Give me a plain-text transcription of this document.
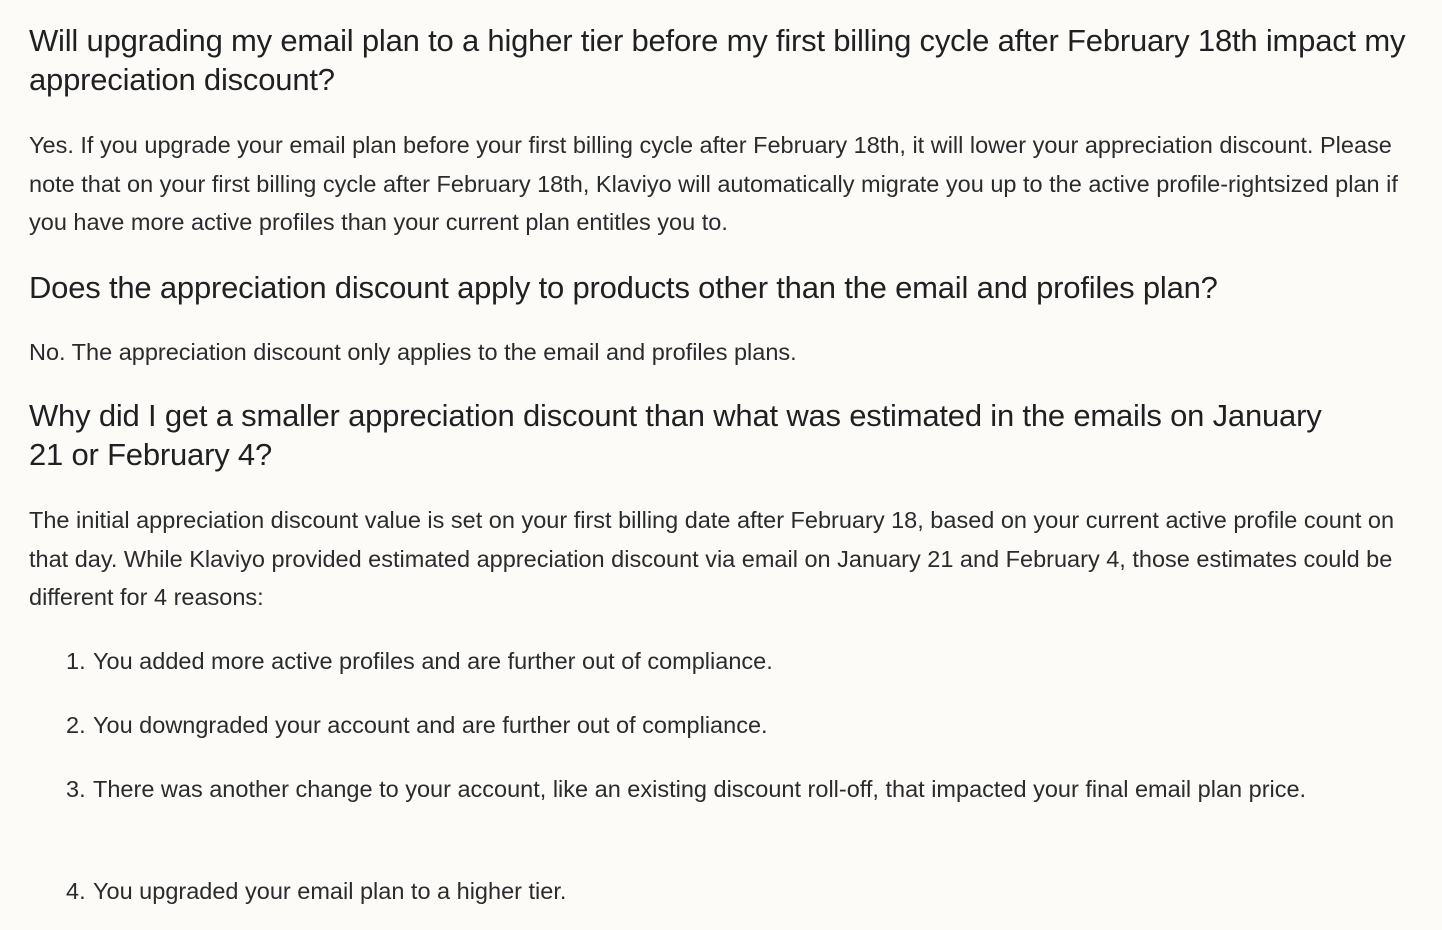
Will upgrading my email plan to a higher tier before my first billing cycle after February 18th impact my appreciation discount?

Yes. If you upgrade your email plan before your first billing cycle after February 18th, it will lower your appreciation discount. Please note that on your first billing cycle after February 18th, Klaviyo will automatically migrate you up to the active profile-rightsized plan if you have more active profiles than your current plan entitles you to.

Does the appreciation discount apply to products other than the email and profiles plan?

No. The appreciation discount only applies to the email and profiles plans.

Why did I get a smaller appreciation discount than what was estimated in the emails on January 21 or February 4?

The initial appreciation discount value is set on your first billing date after February 18, based on your current active profile count on that day. While Klaviyo provided estimated appreciation discount via email on January 21 and February 4, those estimates could be different for 4 reasons:

1. You added more active profiles and are further out of compliance.
2. You downgraded your account and are further out of compliance.
3. There was another change to your account, like an existing discount roll-off, that impacted your final email plan price.
4. You upgraded your email plan to a higher tier.
